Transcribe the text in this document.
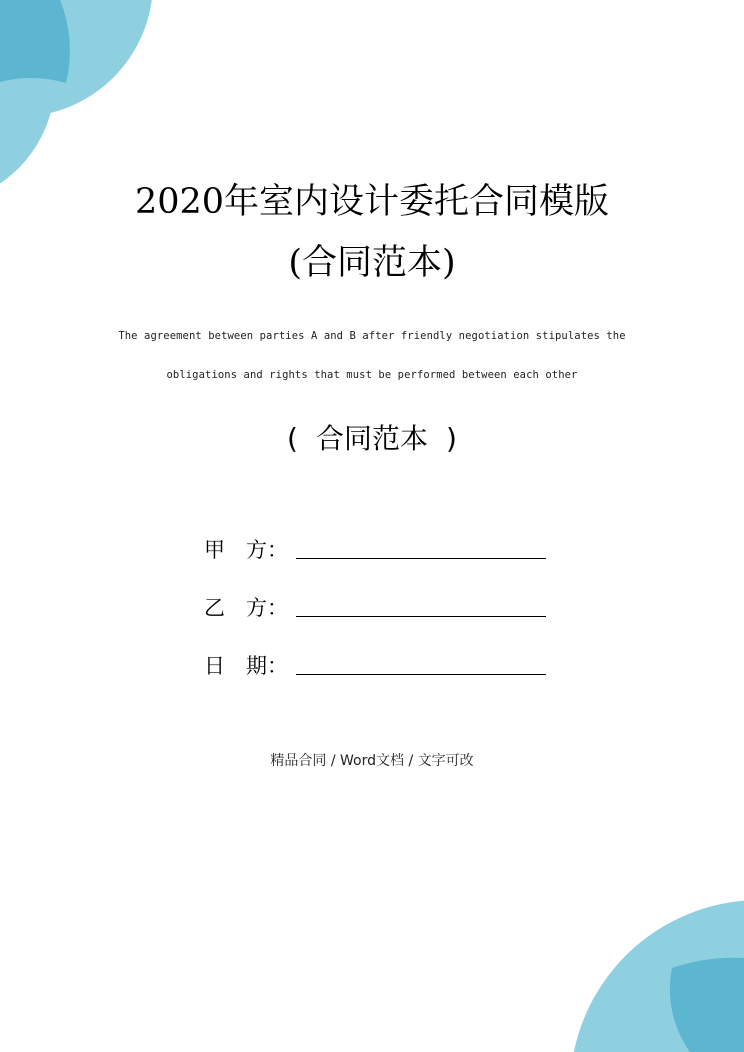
2020年室内设计委托合同模版
(合同范本)
The agreement between parties A and B after friendly negotiation stipulates the
obligations and rights that must be performed between each other
( 合同范本 )
甲　方：
乙　方：
日　期：
精品合同 / Word文档 / 文字可改
